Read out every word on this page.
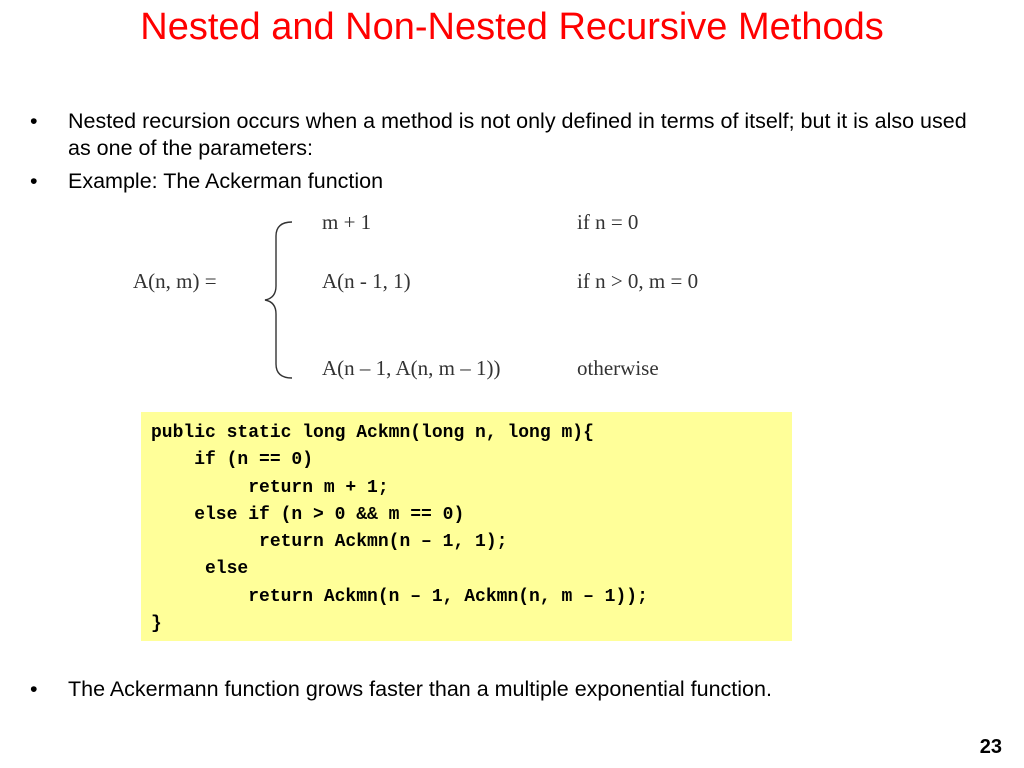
Nested and Non-Nested Recursive Methods
• Nested recursion occurs when a method is not only defined in terms of itself; but it is also used as one of the parameters:
• Example: The Ackerman function
A(n, m) =
m + 1	if n = 0
A(n - 1, 1)	if n > 0, m = 0
A(n – 1, A(n, m – 1))	otherwise
public static long Ackmn(long n, long m){
if (n == 0)
return m + 1;
else if (n > 0 && m == 0)
return Ackmn(n – 1, 1);
else
return Ackmn(n – 1, Ackmn(n, m – 1));
}
• The Ackermann function grows faster than a multiple exponential function.
23
